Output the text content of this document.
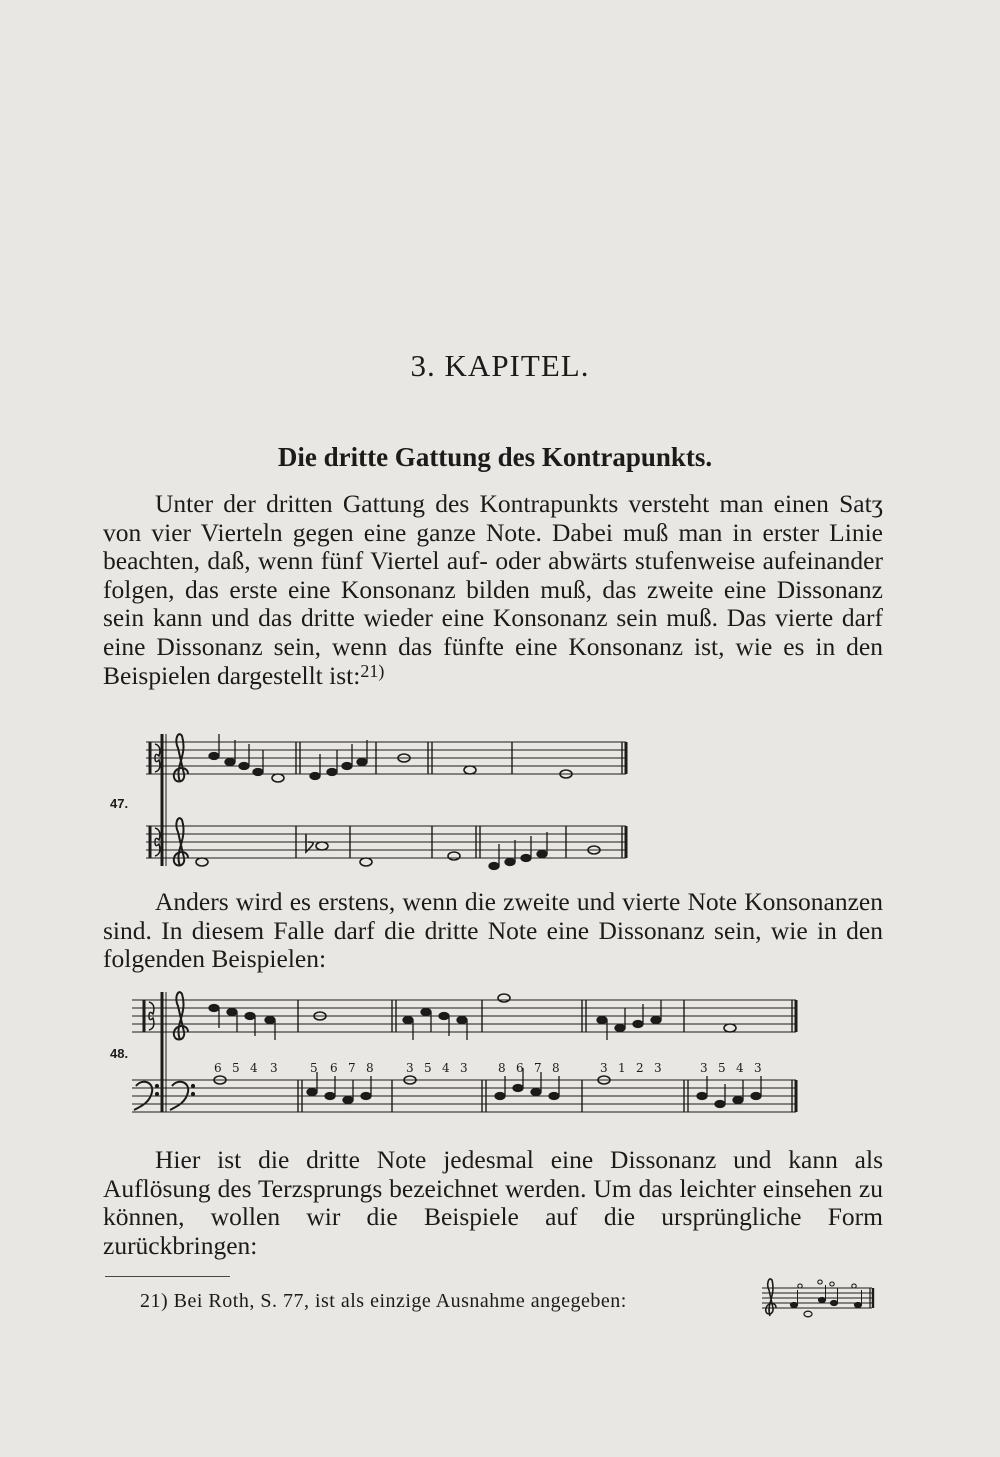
3. KAPITEL.
Die dritte Gattung des Kontrapunkts.

Unter der dritten Gattung des Kontrapunkts versteht man einen Satʒ von vier Vierteln gegen eine ganze Note. Dabei muß man in erster Linie beachten, daß, wenn fünf Viertel auf- oder abwärts stufenweise aufeinander folgen, das erste eine Konsonanz bilden muß, das zweite eine Dissonanz sein kann und das dritte wieder eine Konsonanz sein muß. Das vierte darf eine Dissonanz sein, wenn das fünfte eine Konsonanz ist, wie es in den Beispielen dargestellt ist:$^{21)}$

47.

Anders wird es erstens, wenn die zweite und vierte Note Konsonanzen sind. In diesem Falle darf die dritte Note eine Dissonanz sein, wie in den folgenden Beispielen:

48.
6 5 4 3	5 6 7 8	3 5 4 3	8 6 7 8	3 1 2 3	3 5 4 3

Hier ist die dritte Note jedesmal eine Dissonanz und kann als Auflösung des Terzsprungs bezeichnet werden. Um das leichter einsehen zu können, wollen wir die Beispiele auf die ursprüngliche Form zurückbringen:

21) Bei Roth, S. 77, ist als einzige Ausnahme angegeben:
